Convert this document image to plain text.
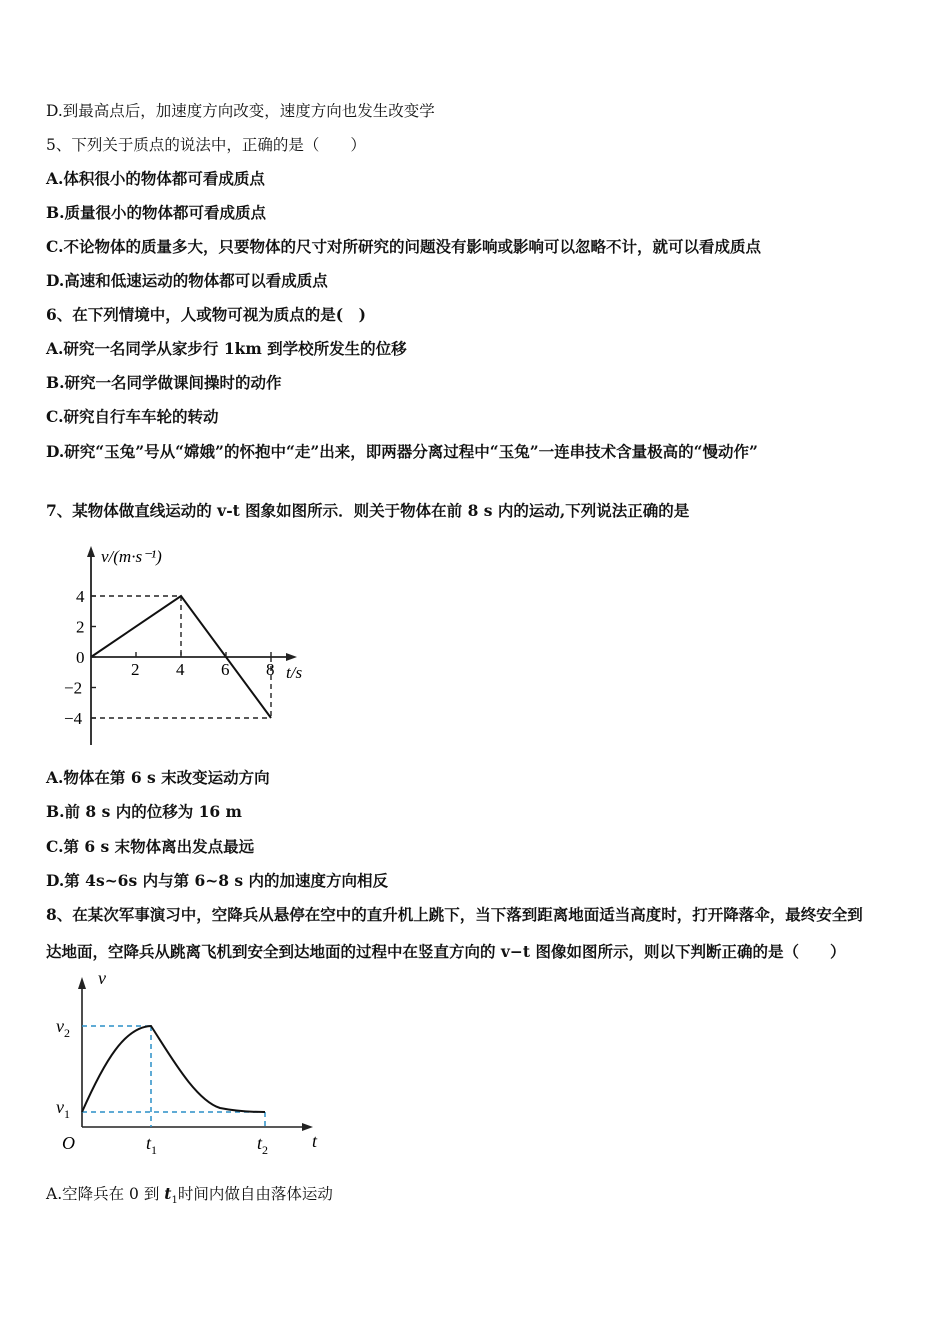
D.到最高点后，加速度方向改变，速度方向也发生改变学
5、下列关于质点的说法中，正确的是（　　）
A.体积很小的物体都可看成质点
B.质量很小的物体都可看成质点
C.不论物体的质量多大，只要物体的尺寸对所研究的问题没有影响或影响可以忽略不计，就可以看成质点
D.高速和低速运动的物体都可以看成质点
6、在下列情境中，人或物可视为质点的是(　)
A.研究一名同学从家步行 1km 到学校所发生的位移
B.研究一名同学做课间操时的动作
C.研究自行车车轮的转动
D.研究“玉兔”号从“嫦娥”的怀抱中“走”出来，即两器分离过程中“玉兔”一连串技术含量极高的“慢动作”
7、某物体做直线运动的 v-t 图象如图所示．则关于物体在前 8 s 内的运动,下列说法正确的是
2 4 6 8
4
2
0
−2
−4
v/(m·s⁻¹)
t/s
A.物体在第 6 s 末改变运动方向
B.前 8 s 内的位移为 16 m
C.第 6 s 末物体离出发点最远
D.第 4s~6s 内与第 6~8 s 内的加速度方向相反
8、在某次军事演习中，空降兵从悬停在空中的直升机上跳下，当下落到距离地面适当高度时，打开降落伞，最终安全到
达地面，空降兵从跳离飞机到安全到达地面的过程中在竖直方向的 v−t 图像如图所示，则以下判断正确的是（　　）
v
t
O
$v_2$
$v_1$
$t_1$	$t_2$
A.空降兵在 0 到 $t_1$时间内做自由落体运动
